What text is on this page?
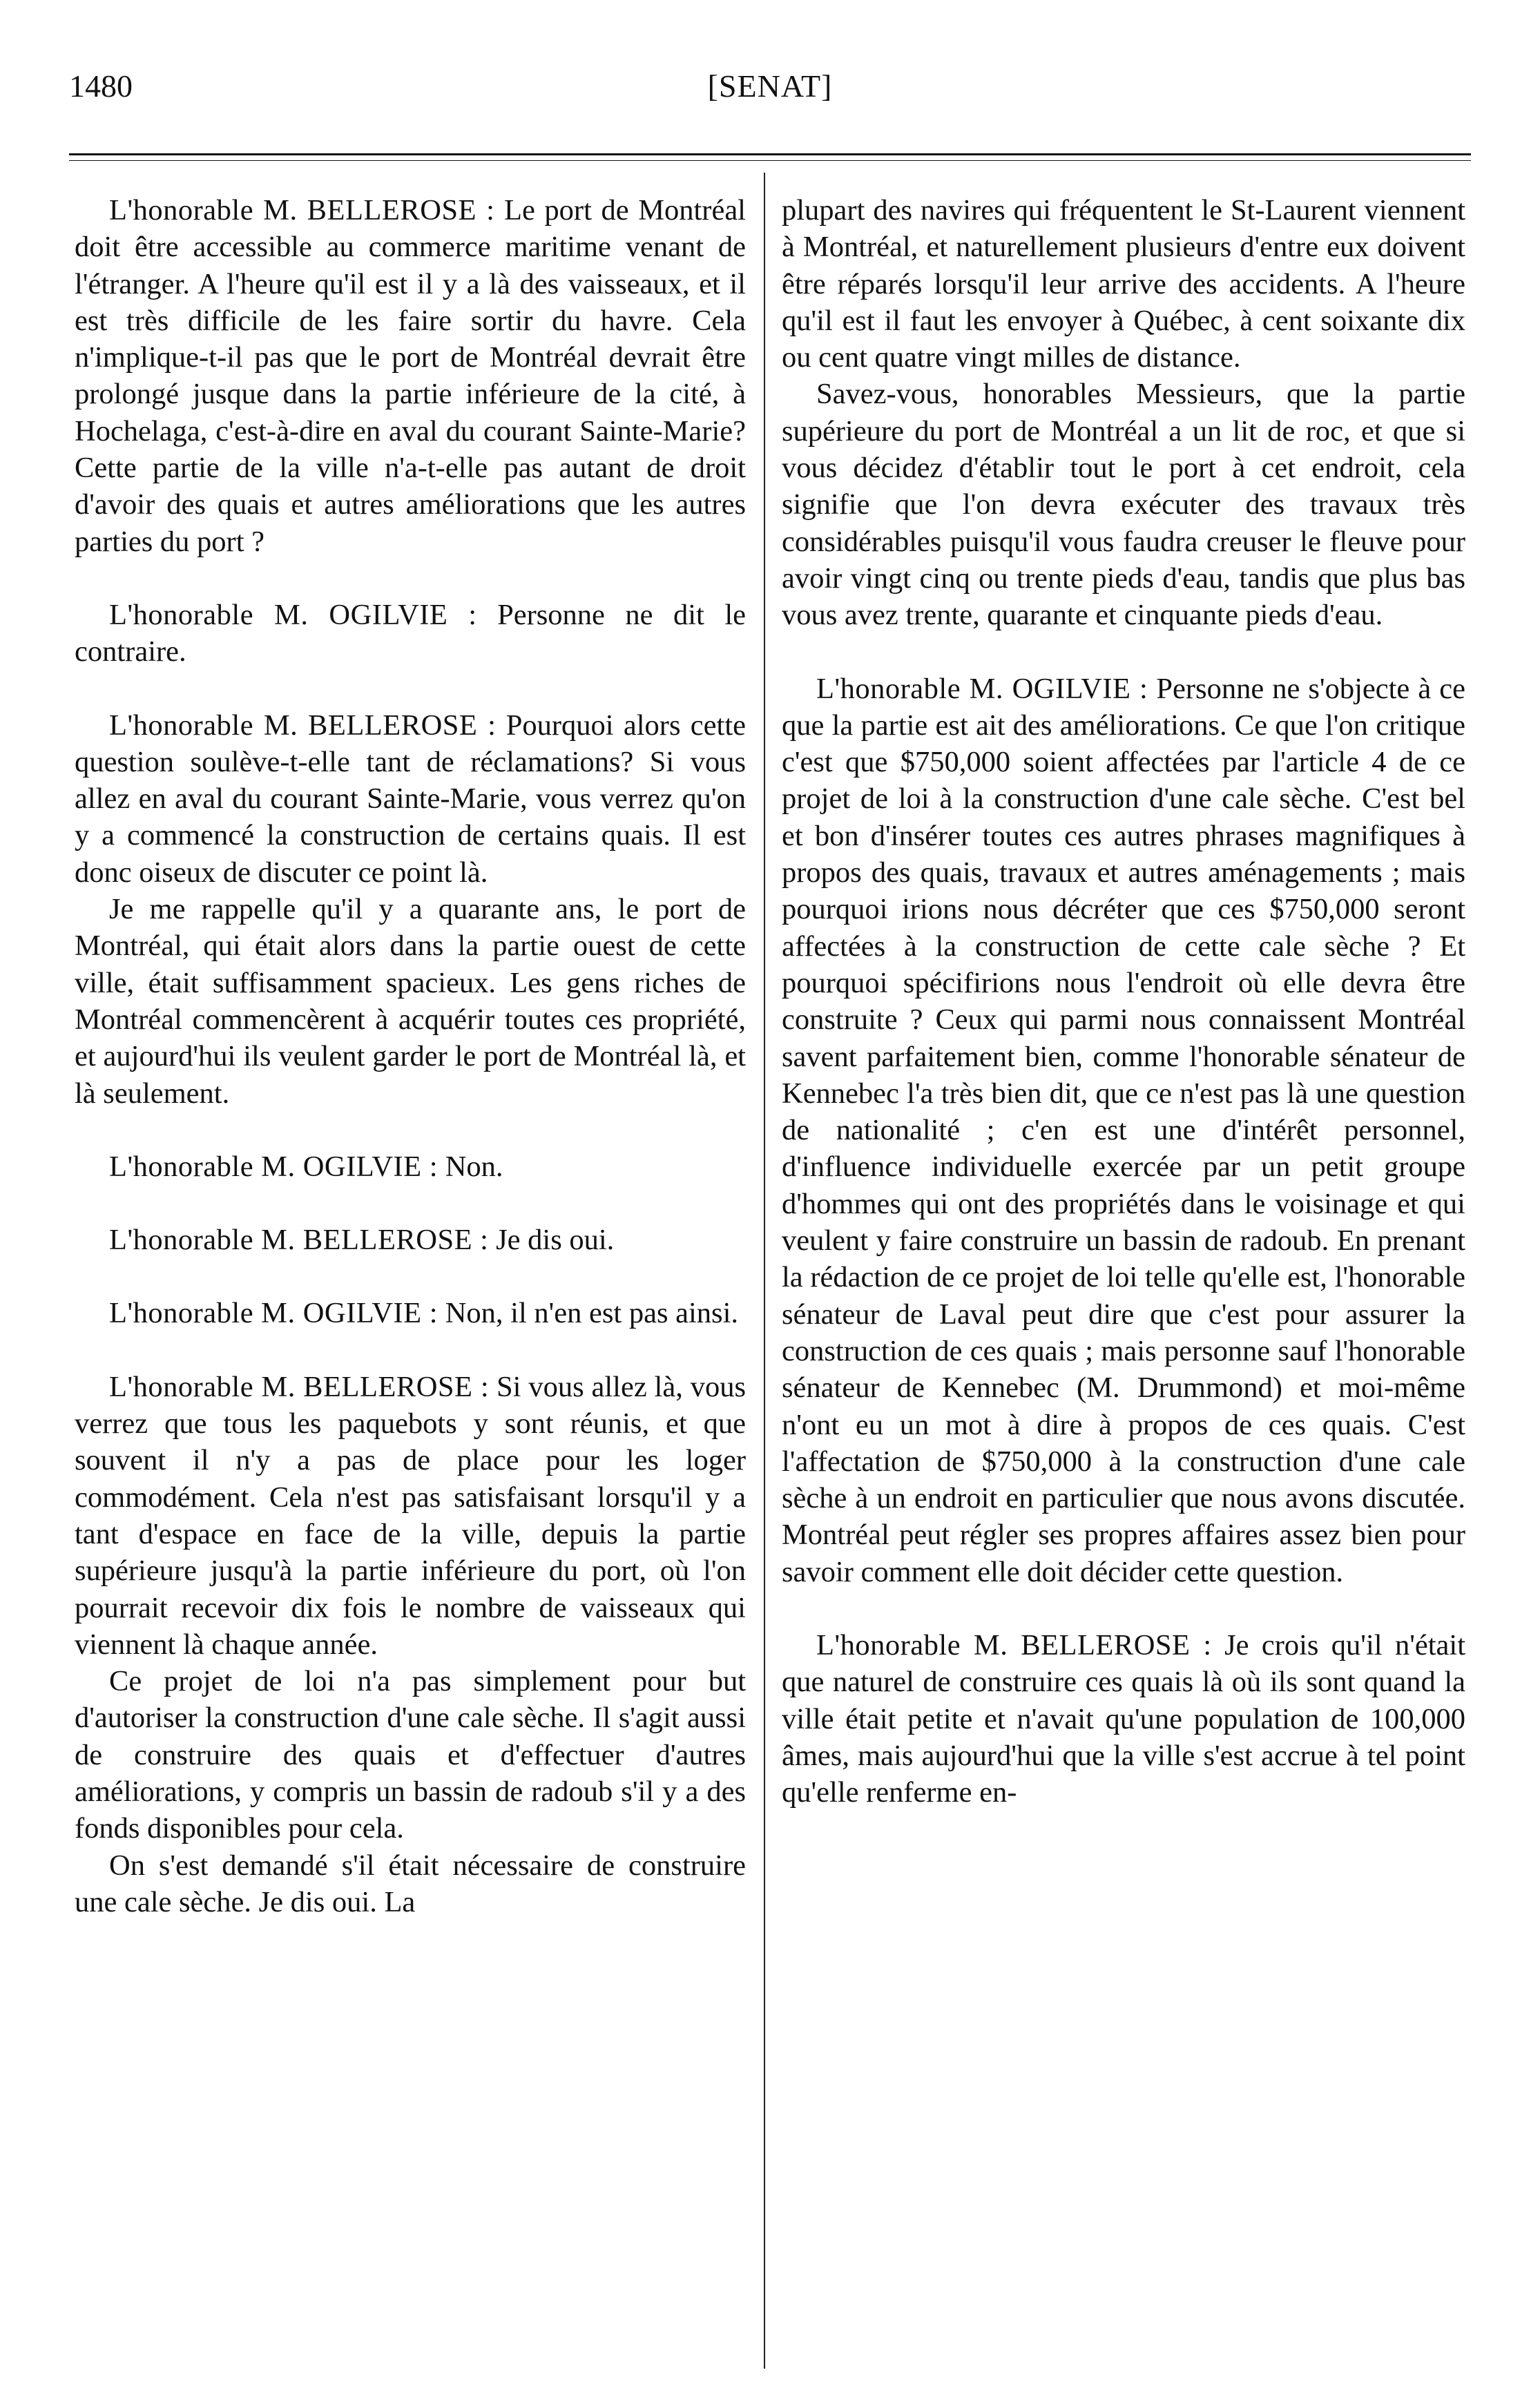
1480	[SENAT]

L'honorable M. BELLEROSE : Le port de Montréal doit être accessible au commerce maritime venant de l'étranger. A l'heure qu'il est il y a là des vaisseaux, et il est très difficile de les faire sortir du havre. Cela n'implique-t-il pas que le port de Montréal devrait être prolongé jusque dans la partie inférieure de la cité, à Hochelaga, c'est-à-dire en aval du courant Sainte-Marie? Cette partie de la ville n'a-t-elle pas autant de droit d'avoir des quais et autres améliorations que les autres parties du port ?

L'honorable M. OGILVIE : Personne ne dit le contraire.

L'honorable M. BELLEROSE : Pourquoi alors cette question soulève-t-elle tant de réclamations? Si vous allez en aval du courant Sainte-Marie, vous verrez qu'on y a commencé la construction de certains quais. Il est donc oiseux de discuter ce point là.

Je me rappelle qu'il y a quarante ans, le port de Montréal, qui était alors dans la partie ouest de cette ville, était suffisamment spacieux. Les gens riches de Montréal commencèrent à acquérir toutes ces propriété, et aujourd'hui ils veulent garder le port de Montréal là, et là seulement.

L'honorable M. OGILVIE : Non.

L'honorable M. BELLEROSE : Je dis oui.

L'honorable M. OGILVIE : Non, il n'en est pas ainsi.

L'honorable M. BELLEROSE : Si vous allez là, vous verrez que tous les paquebots y sont réunis, et que souvent il n'y a pas de place pour les loger commodément. Cela n'est pas satisfaisant lorsqu'il y a tant d'espace en face de la ville, depuis la partie supérieure jusqu'à la partie inférieure du port, où l'on pourrait recevoir dix fois le nombre de vaisseaux qui viennent là chaque année.

Ce projet de loi n'a pas simplement pour but d'autoriser la construction d'une cale sèche. Il s'agit aussi de construire des quais et d'effectuer d'autres améliorations, y compris un bassin de radoub s'il y a des fonds disponibles pour cela.

On s'est demandé s'il était nécessaire de construire une cale sèche. Je dis oui. La

plupart des navires qui fréquentent le St-Laurent viennent à Montréal, et naturellement plusieurs d'entre eux doivent être réparés lorsqu'il leur arrive des accidents. A l'heure qu'il est il faut les envoyer à Québec, à cent soixante dix ou cent quatre vingt milles de distance.

Savez-vous, honorables Messieurs, que la partie supérieure du port de Montréal a un lit de roc, et que si vous décidez d'établir tout le port à cet endroit, cela signifie que l'on devra exécuter des travaux très considérables puisqu'il vous faudra creuser le fleuve pour avoir vingt cinq ou trente pieds d'eau, tandis que plus bas vous avez trente, quarante et cinquante pieds d'eau.

L'honorable M. OGILVIE : Personne ne s'objecte à ce que la partie est ait des améliorations. Ce que l'on critique c'est que $750,000 soient affectées par l'article 4 de ce projet de loi à la construction d'une cale sèche. C'est bel et bon d'insérer toutes ces autres phrases magnifiques à propos des quais, travaux et autres aménagements ; mais pourquoi irions nous décréter que ces $750,000 seront affectées à la construction de cette cale sèche ? Et pourquoi spécifirions nous l'endroit où elle devra être construite ? Ceux qui parmi nous connaissent Montréal savent parfaitement bien, comme l'honorable sénateur de Kennebec l'a très bien dit, que ce n'est pas là une question de nationalité ; c'en est une d'intérêt personnel, d'influence individuelle exercée par un petit groupe d'hommes qui ont des propriétés dans le voisinage et qui veulent y faire construire un bassin de radoub. En prenant la rédaction de ce projet de loi telle qu'elle est, l'honorable sénateur de Laval peut dire que c'est pour assurer la construction de ces quais ; mais personne sauf l'honorable sénateur de Kennebec (M. Drummond) et moi-même n'ont eu un mot à dire à propos de ces quais. C'est l'affectation de $750,000 à la construction d'une cale sèche à un endroit en particulier que nous avons discutée. Montréal peut régler ses propres affaires assez bien pour savoir comment elle doit décider cette question.

L'honorable M. BELLEROSE : Je crois qu'il n'était que naturel de construire ces quais là où ils sont quand la ville était petite et n'avait qu'une population de 100,000 âmes, mais aujourd'hui que la ville s'est accrue à tel point qu'elle renferme en-
